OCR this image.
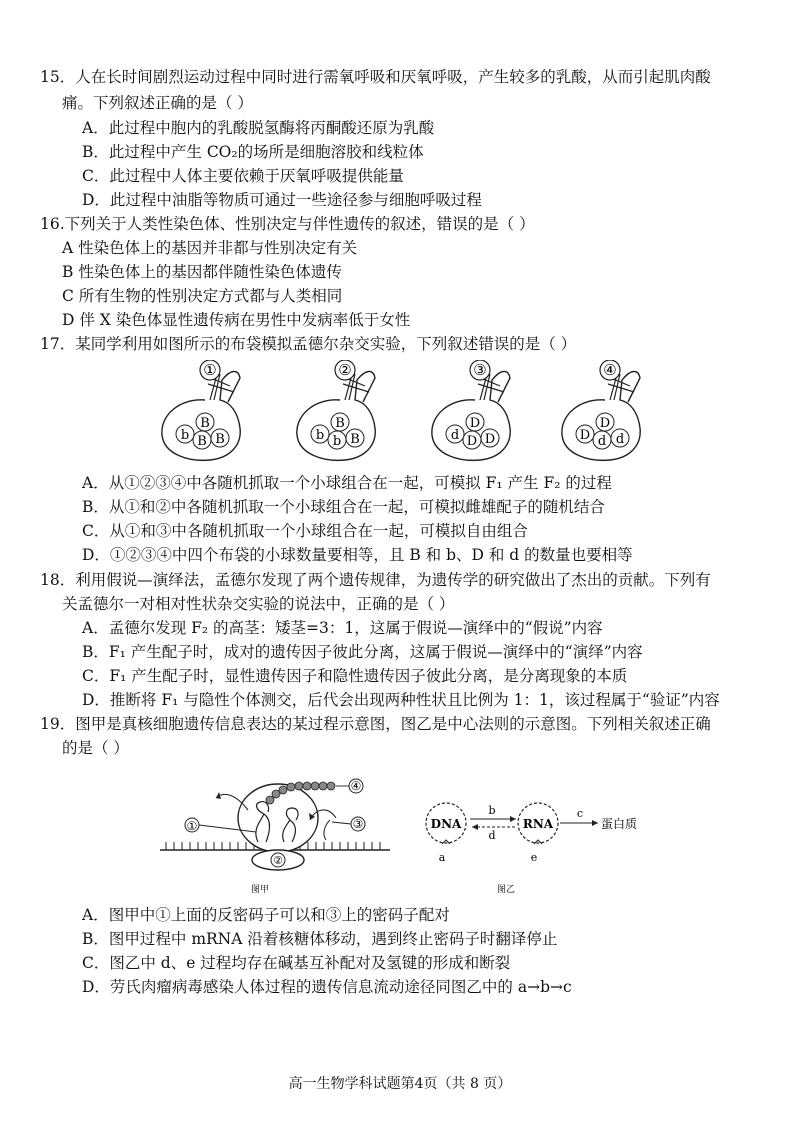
15．人在长时间剧烈运动过程中同时进行需氧呼吸和厌氧呼吸，产生较多的乳酸，从而引起肌肉酸
痛。下列叙述正确的是（ ）
A．此过程中胞内的乳酸脱氢酶将丙酮酸还原为乳酸
B．此过程中产生 CO₂的场所是细胞溶胶和线粒体
C．此过程中人体主要依赖于厌氧呼吸提供能量
D．此过程中油脂等物质可通过一些途径参与细胞呼吸过程
16.下列关于人类性染色体、性别决定与伴性遗传的叙述，错误的是（ ）
A 性染色体上的基因并非都与性别决定有关
B 性染色体上的基因都伴随性染色体遗传
C 所有生物的性别决定方式都与人类相同
D 伴 X 染色体显性遗传病在男性中发病率低于女性
17．某同学利用如图所示的布袋模拟孟德尔杂交实验，下列叙述错误的是（ ）
①
B
B
b B
②
B
b
b B
③
D
D
d D
④
D
d
D d
A．从①②③④中各随机抓取一个小球组合在一起，可模拟 F₁ 产生 F₂ 的过程
B．从①和②中各随机抓取一个小球组合在一起，可模拟雌雄配子的随机结合
C．从①和③中各随机抓取一个小球组合在一起，可模拟自由组合
D．①②③④中四个布袋的小球数量要相等，且 B 和 b、D 和 d 的数量也要相等
18．利用假说—演绎法，孟德尔发现了两个遗传规律，为遗传学的研究做出了杰出的贡献。下列有
关孟德尔一对相对性状杂交实验的说法中，正确的是（ ）
A．孟德尔发现 F₂ 的高茎：矮茎=3：1，这属于假说—演绎中的“假说”内容
B．F₁ 产生配子时，成对的遗传因子彼此分离，这属于假说—演绎中的“演绎”内容
C．F₁ 产生配子时，显性遗传因子和隐性遗传因子彼此分离，是分离现象的本质
D．推断将 F₁ 与隐性个体测交，后代会出现两种性状且比例为 1：1，该过程属于“验证”内容
19．图甲是真核细胞遗传信息表达的某过程示意图，图乙是中心法则的示意图。下列相关叙述正确
的是（ ）
①
②
③
④
图甲
DNA
a
b
d
RNA
e
c
蛋白质
图乙
A．图甲中①上面的反密码子可以和③上的密码子配对
B．图甲过程中 mRNA 沿着核糖体移动，遇到终止密码子时翻译停止
C．图乙中 d、e 过程均存在碱基互补配对及氢键的形成和断裂
D．劳氏肉瘤病毒感染人体过程的遗传信息流动途径同图乙中的 a→b→c
高一生物学科试题第4页（共 8 页）
